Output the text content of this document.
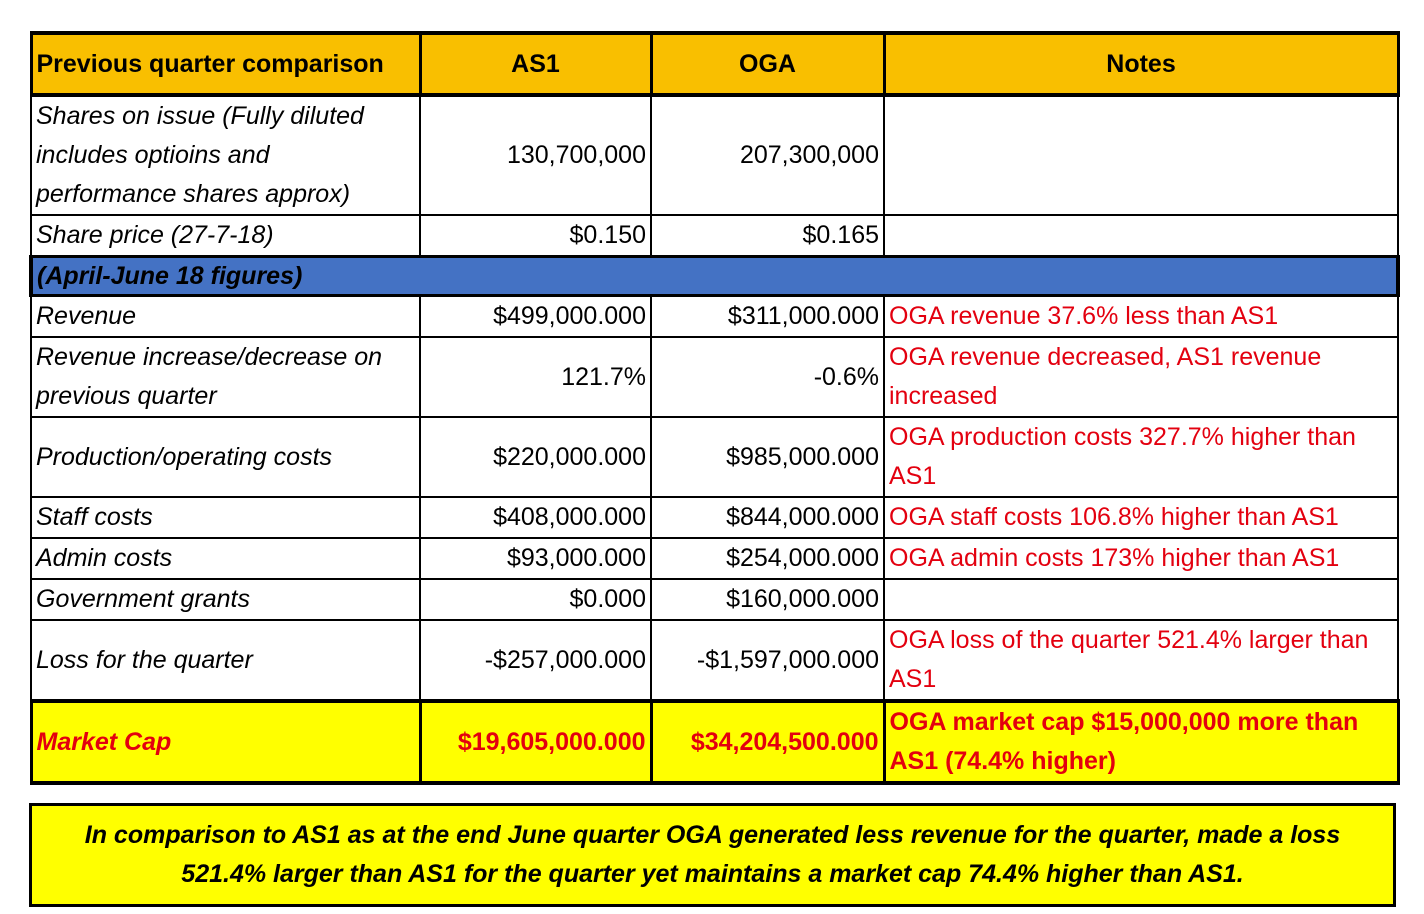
Previous quarter comparison	AS1	OGA	Notes
Shares on issue (Fully diluted includes optioins and performance shares approx)	130,700,000	207,300,000	
Share price (27-7-18)	$0.150	$0.165	
(April-June 18 figures)			
Revenue	$499,000.000	$311,000.000	OGA revenue 37.6% less than AS1
Revenue increase/decrease on previous quarter	121.7%	-0.6%	OGA revenue decreased, AS1 revenue increased
Production/operating costs	$220,000.000	$985,000.000	OGA production costs 327.7% higher than AS1
Staff costs	$408,000.000	$844,000.000	OGA staff costs 106.8% higher than AS1
Admin costs	$93,000.000	$254,000.000	OGA admin costs 173% higher than AS1
Government grants	$0.000	$160,000.000	
Loss for the quarter	-$257,000.000	-$1,597,000.000	OGA loss of the quarter 521.4% larger than AS1
Market Cap	$19,605,000.000	$34,204,500.000	OGA market cap $15,000,000 more than AS1 (74.4% higher)

In comparison to AS1 as at the end June quarter OGA generated less revenue for the quarter, made a loss 521.4% larger than AS1 for the quarter yet maintains a market cap 74.4% higher than AS1.
